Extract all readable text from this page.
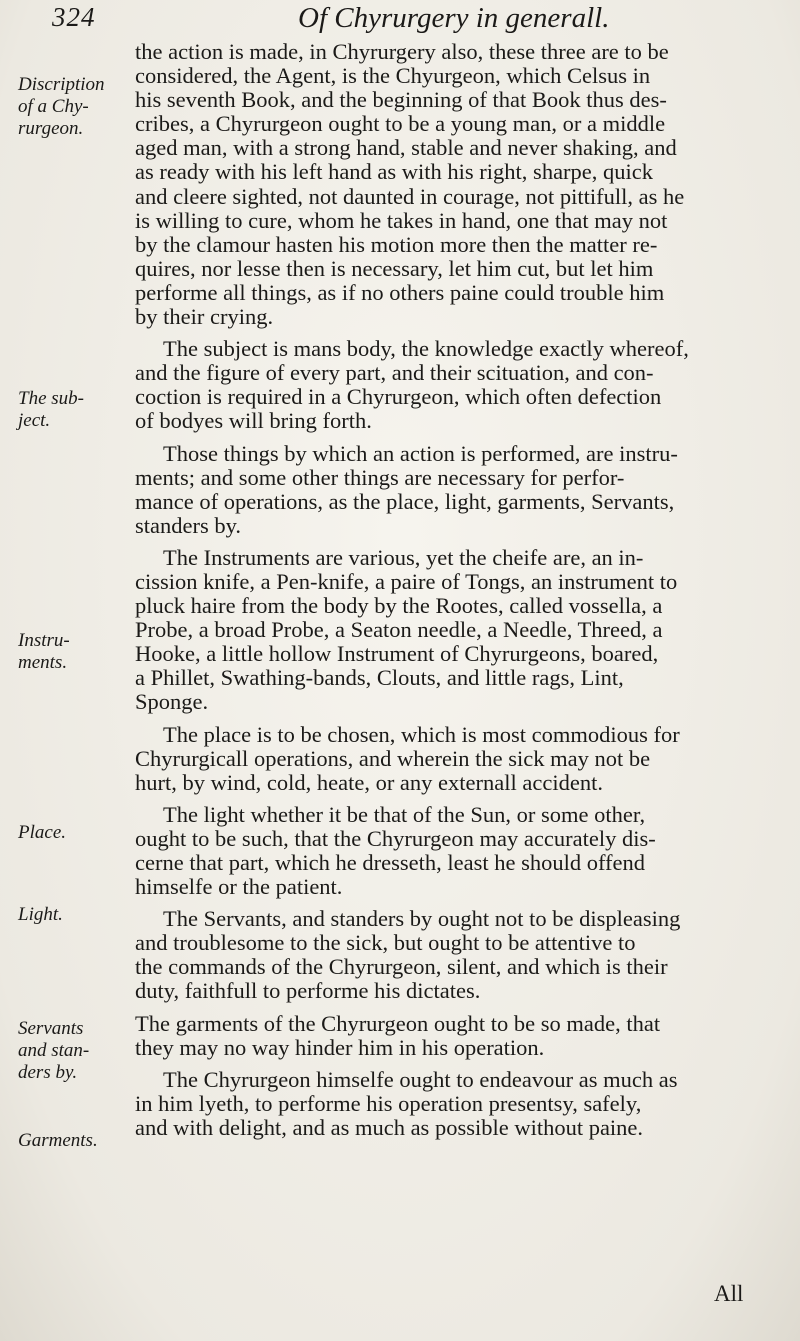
324	Of Chyrurgery in generall.
Discription
of a Chy-
rurgeon.
The sub-
ject.
Instru-
ments.
Place.
Light.
Servants
and stan-
ders by.
Garments.
the action is made, in Chyrurgery also, these three are to be
considered, the Agent, is the Chyurgeon, which Celsus in
his seventh Book, and the beginning of that Book thus des-
cribes, a Chyrurgeon ought to be a young man, or a middle
aged man, with a strong hand, stable and never shaking, and
as ready with his left hand as with his right, sharpe, quick
and cleere sighted, not daunted in courage, not pittifull, as he
is willing to cure, whom he takes in hand, one that may not
by the clamour hasten his motion more then the matter re-
quires, nor lesse then is necessary, let him cut, but let him
performe all things, as if no others paine could trouble him
by their crying.
The subject is mans body, the knowledge exactly whereof,
and the figure of every part, and their scituation, and con-
coction is required in a Chyrurgeon, which often defection
of bodyes will bring forth.
Those things by which an action is performed, are instru-
ments; and some other things are necessary for perfor-
mance of operations, as the place, light, garments, Servants,
standers by.
The Instruments are various, yet the cheife are, an in-
cission knife, a Pen-knife, a paire of Tongs, an instrument to
pluck haire from the body by the Rootes, called vossella, a
Probe, a broad Probe, a Seaton needle, a Needle, Threed, a
Hooke, a little hollow Instrument of Chyrurgeons, boared,
a Phillet, Swathing-bands, Clouts, and little rags, Lint,
Sponge.
The place is to be chosen, which is most commodious for
Chyrurgicall operations, and wherein the sick may not be
hurt, by wind, cold, heate, or any externall accident.
The light whether it be that of the Sun, or some other,
ought to be such, that the Chyrurgeon may accurately dis-
cerne that part, which he dresseth, least he should offend
himselfe or the patient.
The Servants, and standers by ought not to be displeasing
and troublesome to the sick, but ought to be attentive to
the commands of the Chyrurgeon, silent, and which is their
duty, faithfull to performe his dictates.
The garments of the Chyrurgeon ought to be so made, that
they may no way hinder him in his operation.
The Chyrurgeon himselfe ought to endeavour as much as
in him lyeth, to performe his operation presentsy, safely,
and with delight, and as much as possible without paine.
All
